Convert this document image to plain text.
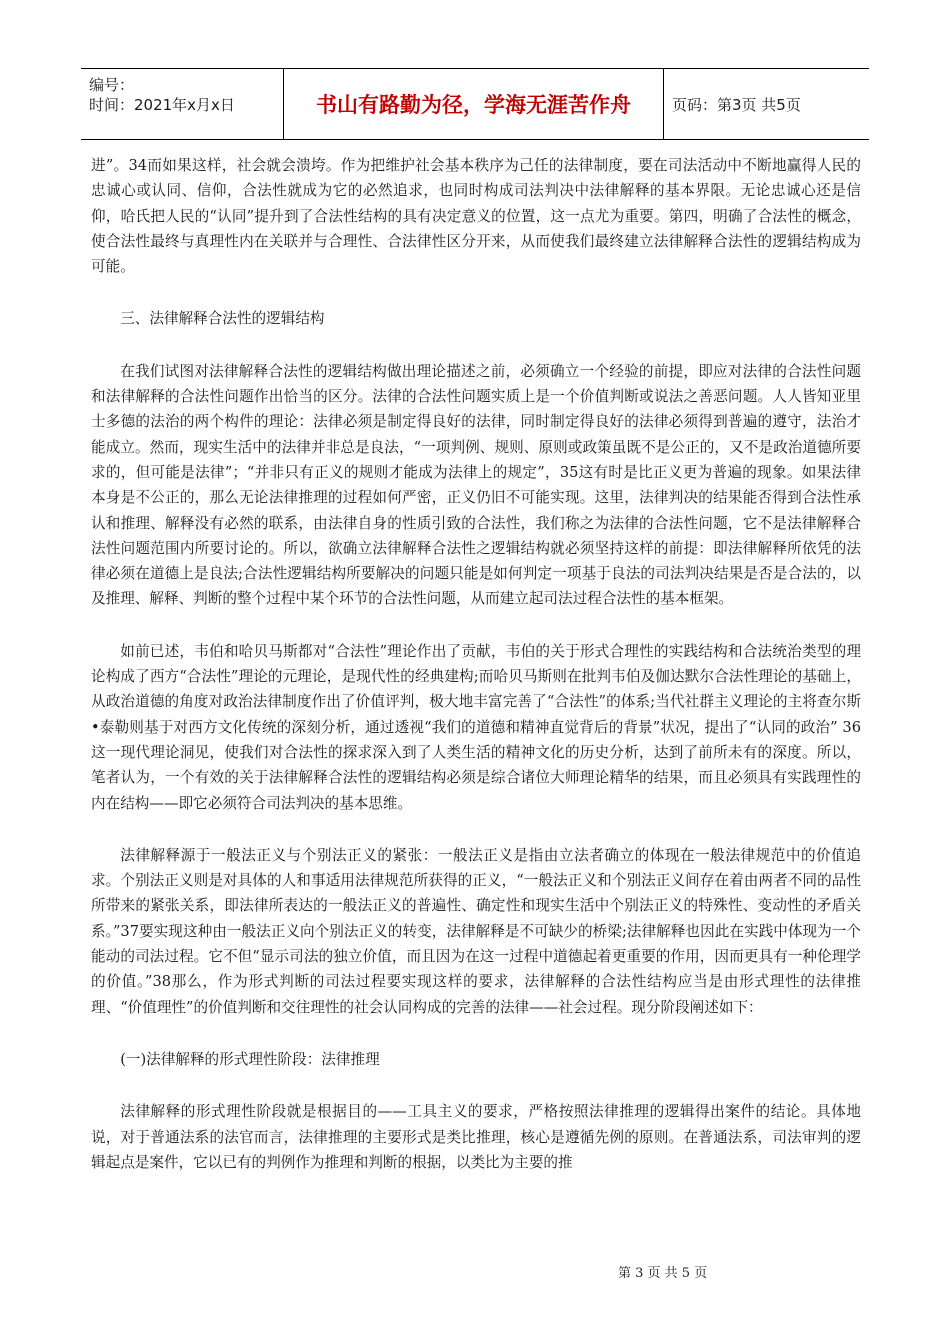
编号：
时间：2021年x月x日	书山有路勤为径，学海无涯苦作舟	页码：第3页 共5页

进”。34而如果这样，社会就会溃垮。作为把维护社会基本秩序为己任的法律制度，要在司法活动中不断地赢得人民的忠诚心或认同、信仰，合法性就成为它的必然追求，也同时构成司法判决中法律解释的基本界限。无论忠诚心还是信仰，哈氏把人民的“认同”提升到了合法性结构的具有决定意义的位置，这一点尤为重要。第四，明确了合法性的概念，使合法性最终与真理性内在关联并与合理性、合法律性区分开来，从而使我们最终建立法律解释合法性的逻辑结构成为可能。

三、法律解释合法性的逻辑结构

在我们试图对法律解释合法性的逻辑结构做出理论描述之前，必须确立一个经验的前提，即应对法律的合法性问题和法律解释的合法性问题作出恰当的区分。法律的合法性问题实质上是一个价值判断或说法之善恶问题。人人皆知亚里士多德的法治的两个构件的理论：法律必须是制定得良好的法律，同时制定得良好的法律必须得到普遍的遵守，法治才能成立。然而，现实生活中的法律并非总是良法，“一项判例、规则、原则或政策虽既不是公正的，又不是政治道德所要求的，但可能是法律”；“并非只有正义的规则才能成为法律上的规定”，35这有时是比正义更为普遍的现象。如果法律本身是不公正的，那么无论法律推理的过程如何严密，正义仍旧不可能实现。这里，法律判决的结果能否得到合法性承认和推理、解释没有必然的联系，由法律自身的性质引致的合法性，我们称之为法律的合法性问题，它不是法律解释合法性问题范围内所要讨论的。所以，欲确立法律解释合法性之逻辑结构就必须坚持这样的前提：即法律解释所依凭的法律必须在道德上是良法;合法性逻辑结构所要解决的问题只能是如何判定一项基于良法的司法判决结果是否是合法的，以及推理、解释、判断的整个过程中某个环节的合法性问题，从而建立起司法过程合法性的基本框架。

如前已述，韦伯和哈贝马斯都对“合法性”理论作出了贡献，韦伯的关于形式合理性的实践结构和合法统治类型的理论构成了西方“合法性”理论的元理论，是现代性的经典建构;而哈贝马斯则在批判韦伯及伽达默尔合法性理论的基础上，从政治道德的角度对政治法律制度作出了价值评判，极大地丰富完善了“合法性”的体系;当代社群主义理论的主将查尔斯•泰勒则基于对西方文化传统的深刻分析，通过透视“我们的道德和精神直觉背后的背景”状况，提出了“认同的政治” 36这一现代理论洞见，使我们对合法性的探求深入到了人类生活的精神文化的历史分析，达到了前所未有的深度。所以，笔者认为，一个有效的关于法律解释合法性的逻辑结构必须是综合诸位大师理论精华的结果，而且必须具有实践理性的内在结构——即它必须符合司法判决的基本思维。

法律解释源于一般法正义与个别法正义的紧张：一般法正义是指由立法者确立的体现在一般法律规范中的价值追求。个别法正义则是对具体的人和事适用法律规范所获得的正义，“一般法正义和个别法正义间存在着由两者不同的品性所带来的紧张关系，即法律所表达的一般法正义的普遍性、确定性和现实生活中个别法正义的特殊性、变动性的矛盾关系。”37要实现这种由一般法正义向个别法正义的转变，法律解释是不可缺少的桥梁;法律解释也因此在实践中体现为一个能动的司法过程。它不但“显示司法的独立价值，而且因为在这一过程中道德起着更重要的作用，因而更具有一种伦理学的价值。”38那么，作为形式判断的司法过程要实现这样的要求，法律解释的合法性结构应当是由形式理性的法律推理、“价值理性”的价值判断和交往理性的社会认同构成的完善的法律——社会过程。现分阶段阐述如下：

(一)法律解释的形式理性阶段：法律推理

法律解释的形式理性阶段就是根据目的——工具主义的要求，严格按照法律推理的逻辑得出案件的结论。具体地说，对于普通法系的法官而言，法律推理的主要形式是类比推理，核心是遵循先例的原则。在普通法系，司法审判的逻辑起点是案件，它以已有的判例作为推理和判断的根据，以类比为主要的推

第 3 页 共 5 页
